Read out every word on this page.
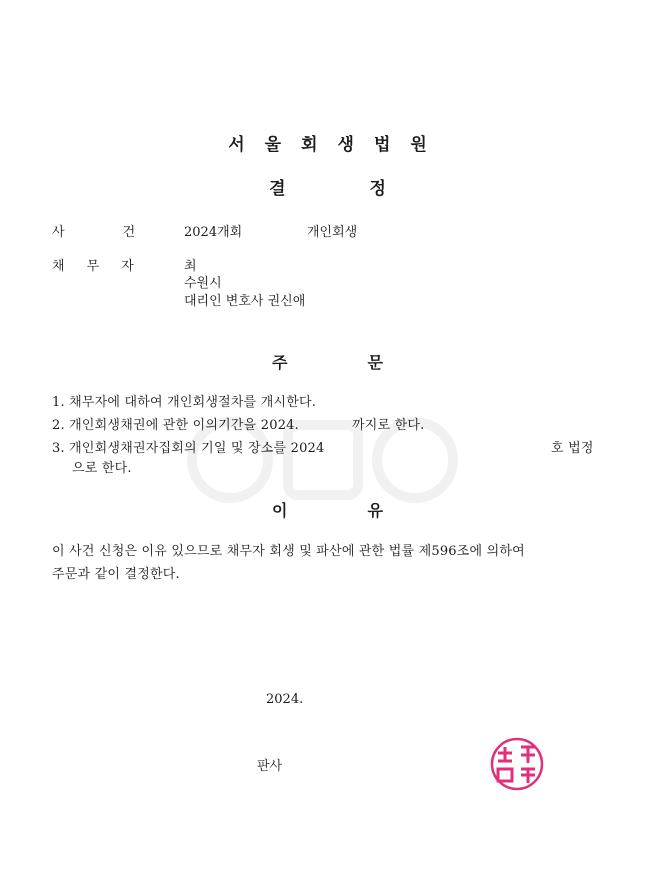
서 울 회 생 법 원
결	정
사	건	2024개회	개인회생
채 무 자	최
수원시
대리인 변호사 권신애
주	문
1. 채무자에 대하여 개인회생절차를 개시한다.
2. 개인회생채권에 관한 이의기간을 2024.	까지로 한다.
3. 개인회생채권자집회의 기일 및 장소를 2024	호 법정
으로 한다.
이	유
이 사건 신청은 이유 있으므로 채무자 회생 및 파산에 관한 법률 제596조에 의하여
주문과 같이 결정한다.
2024.
판사
